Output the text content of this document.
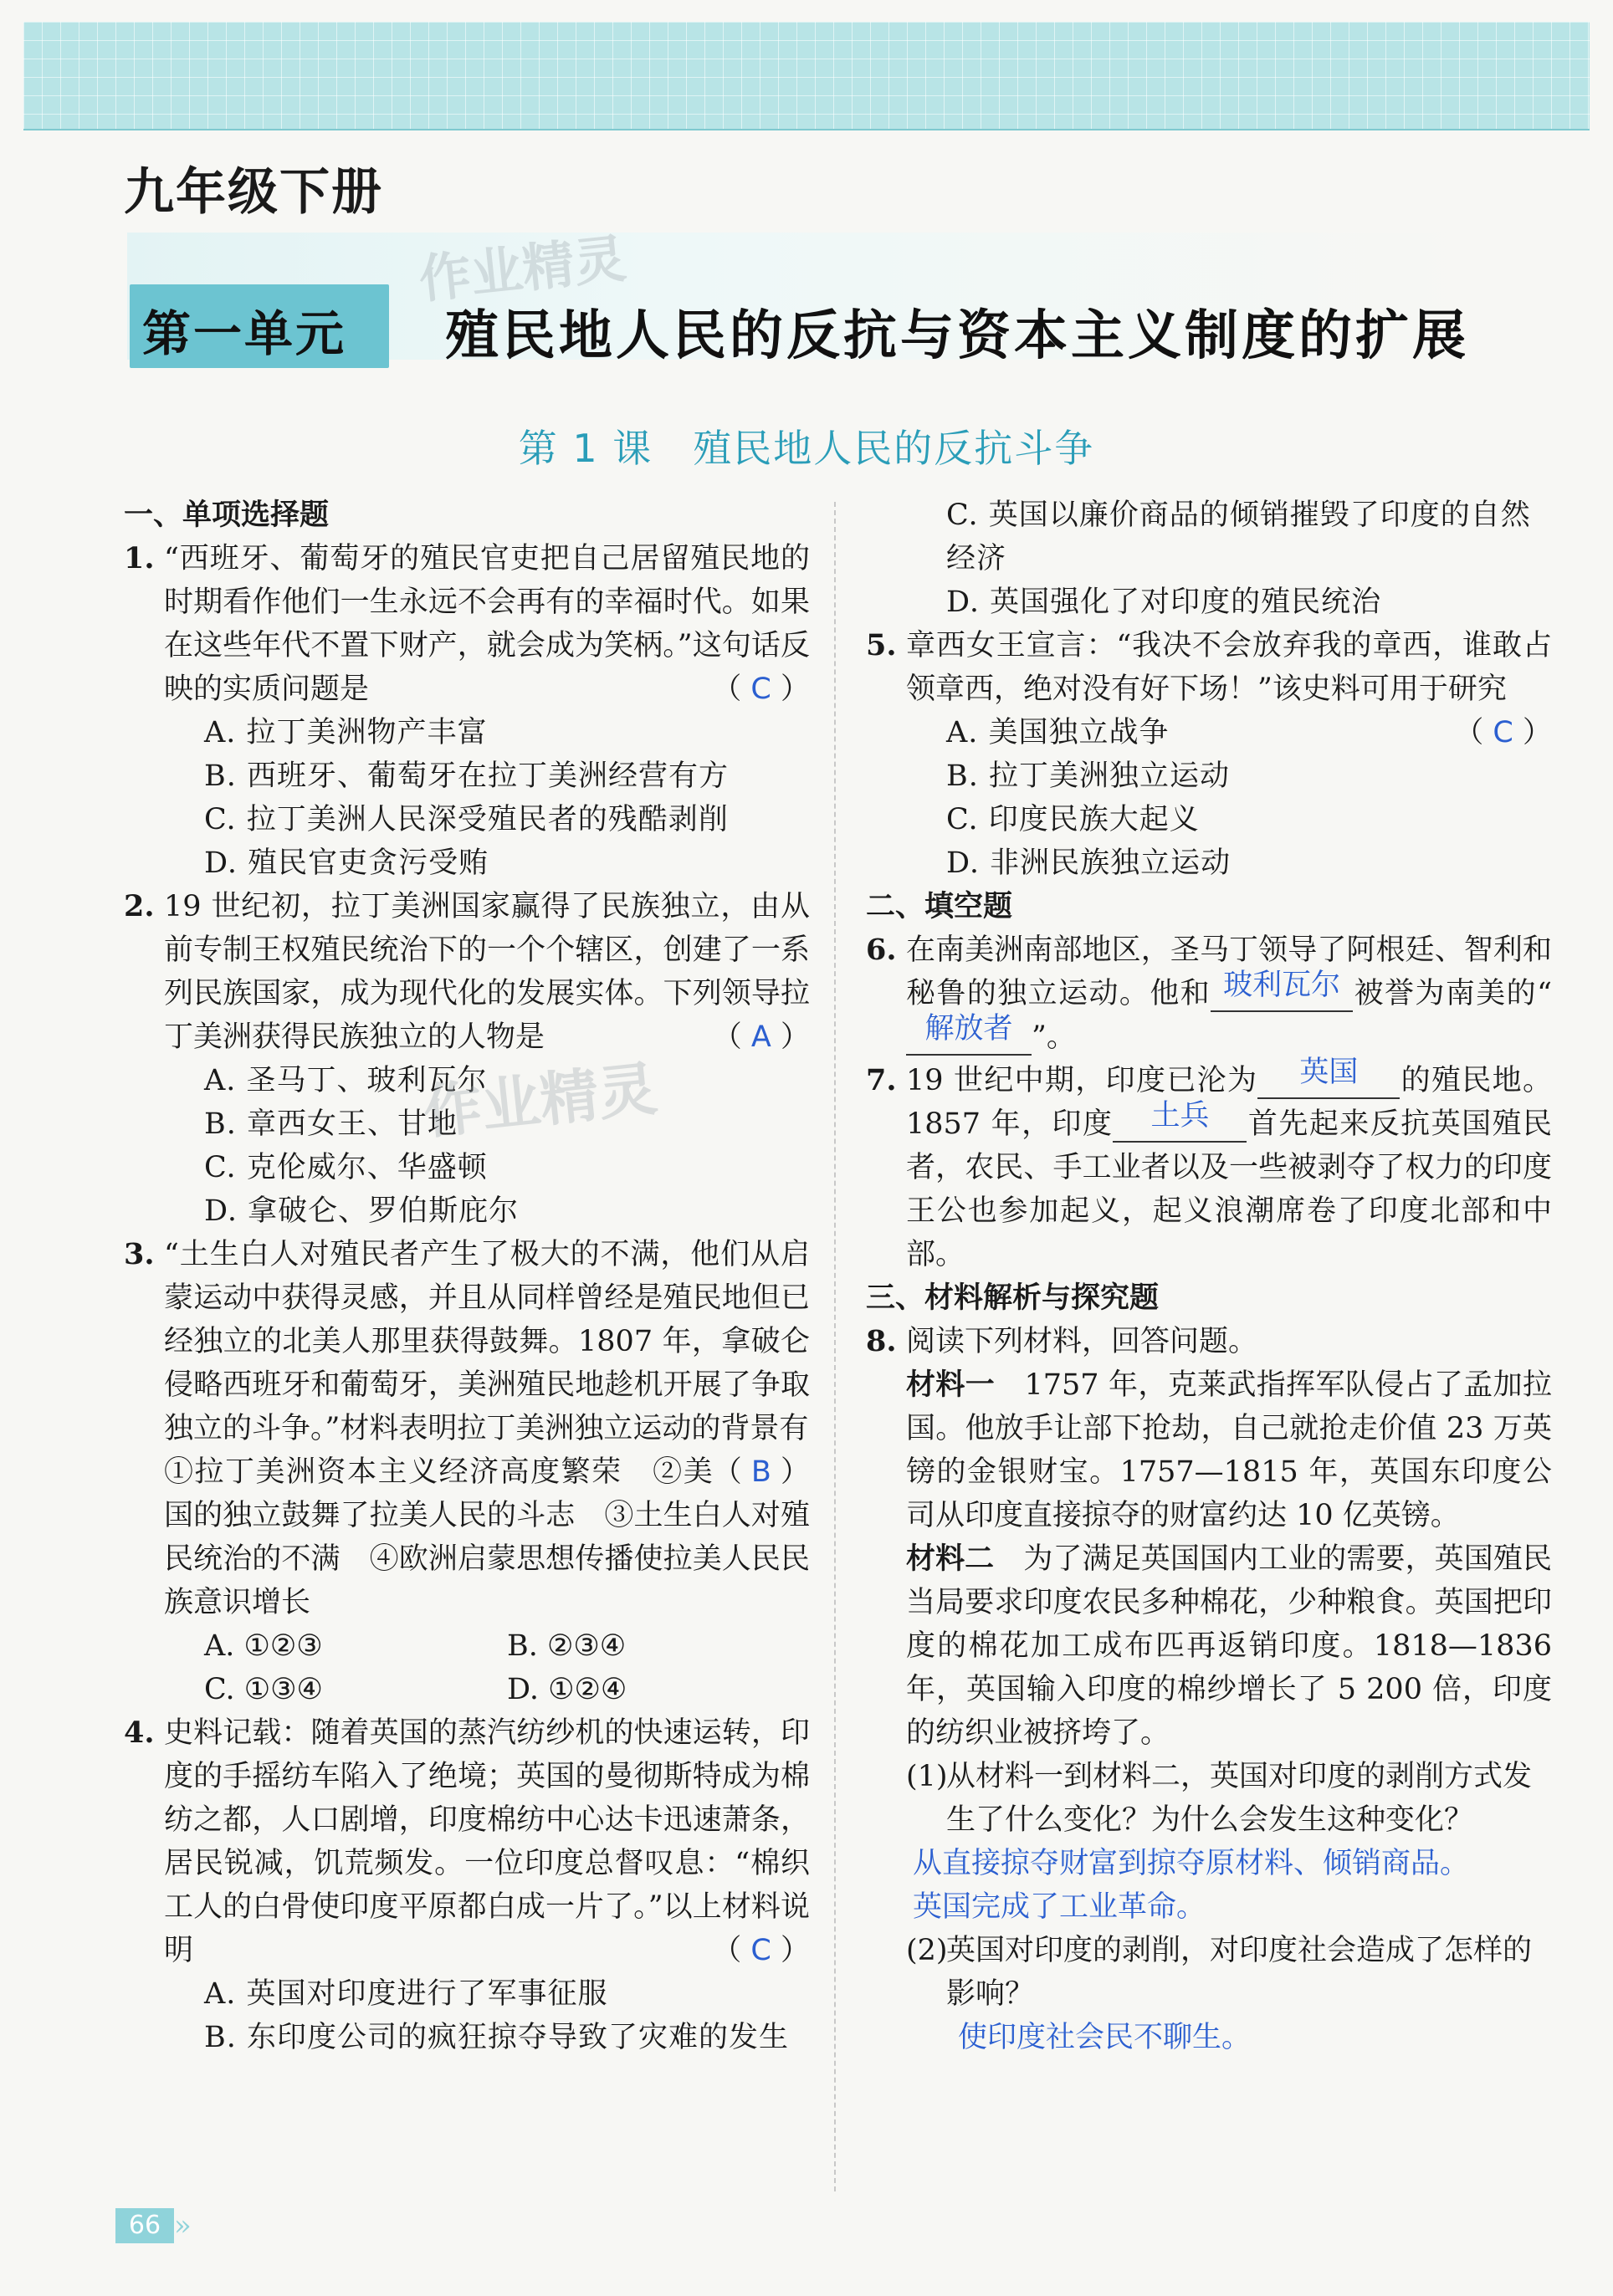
九年级下册
作业精灵
第一单元 殖民地人民的反抗与资本主义制度的扩展
第 1 课　殖民地人民的反抗斗争
一、单项选择题
1. “西班牙、葡萄牙的殖民官吏把自己居留殖民地的时期看作他们一生永远不会再有的幸福时代。如果在这些年代不置下财产，就会成为笑柄。”这句话反映的实质问题是	（ C ）
A. 拉丁美洲物产丰富
B. 西班牙、葡萄牙在拉丁美洲经营有方
C. 拉丁美洲人民深受殖民者的残酷剥削
D. 殖民官吏贪污受贿
2. 19 世纪初，拉丁美洲国家赢得了民族独立，由从前专制王权殖民统治下的一个个辖区，创建了一系列民族国家，成为现代化的发展实体。下列领导拉丁美洲获得民族独立的人物是	（ A ）
A. 圣马丁、玻利瓦尔
B. 章西女王、甘地
C. 克伦威尔、华盛顿
D. 拿破仑、罗伯斯庇尔
3. “土生白人对殖民者产生了极大的不满，他们从启蒙运动中获得灵感，并且从同样曾经是殖民地但已经独立的北美人那里获得鼓舞。1807 年，拿破仑侵略西班牙和葡萄牙，美洲殖民地趁机开展了争取独立的斗争。”材料表明拉丁美洲独立运动的背景有
（ B ）
①拉丁美洲资本主义经济高度繁荣　②美国的独立鼓舞了拉美人民的斗志　③土生白人对殖民统治的不满　④欧洲启蒙思想传播使拉美人民民族意识增长
A. ①②③	B. ②③④
C. ①③④	D. ①②④
4. 史料记载：随着英国的蒸汽纺纱机的快速运转，印度的手摇纺车陷入了绝境；英国的曼彻斯特成为棉纺之都，人口剧增，印度棉纺中心达卡迅速萧条，居民锐减，饥荒频发。一位印度总督叹息：“棉织工人的白骨使印度平原都白成一片了。”以上材料说明	（ C ）
A. 英国对印度进行了军事征服
B. 东印度公司的疯狂掠夺导致了灾难的发生
作业精灵
C. 英国以廉价商品的倾销摧毁了印度的自然经济
D. 英国强化了对印度的殖民统治
5. 章西女王宣言：“我决不会放弃我的章西，谁敢占领章西，绝对没有好下场！”该史料可用于研究
（ C ）
A. 美国独立战争
B. 拉丁美洲独立运动
C. 印度民族大起义
D. 非洲民族独立运动
二、填空题
6. 在南美洲南部地区，圣马丁领导了阿根廷、智利和秘鲁的独立运动。他和 玻利瓦尔 被誉为南美的“解放者 ”。
7. 19 世纪中期，印度已沦为 英国 的殖民地。1857 年，印度 土兵 首先起来反抗英国殖民者，农民、手工业者以及一些被剥夺了权力的印度王公也参加起义，起义浪潮席卷了印度北部和中部。
三、材料解析与探究题
8. 阅读下列材料，回答问题。
材料一　 1757 年，克莱武指挥军队侵占了孟加拉国。他放手让部下抢劫，自己就抢走价值 23 万英镑的金银财宝。1757—1815 年，英国东印度公司从印度直接掠夺的财富约达 10 亿英镑。
材料二　 为了满足英国国内工业的需要，英国殖民当局要求印度农民多种棉花，少种粮食。英国把印度的棉花加工成布匹再返销印度。1818—1836 年，英国输入印度的棉纱增长了 5 200 倍，印度的纺织业被挤垮了。
(1)
从材料一到材料二，英国对印度的剥削方式发生了什么变化？为什么会发生这种变化？
从直接掠夺财富到掠夺原材料、倾销商品。
英国完成了工业革命。
(2)
英国对印度的剥削，对印度社会造成了怎样的影响？
使印度社会民不聊生。
66 »
